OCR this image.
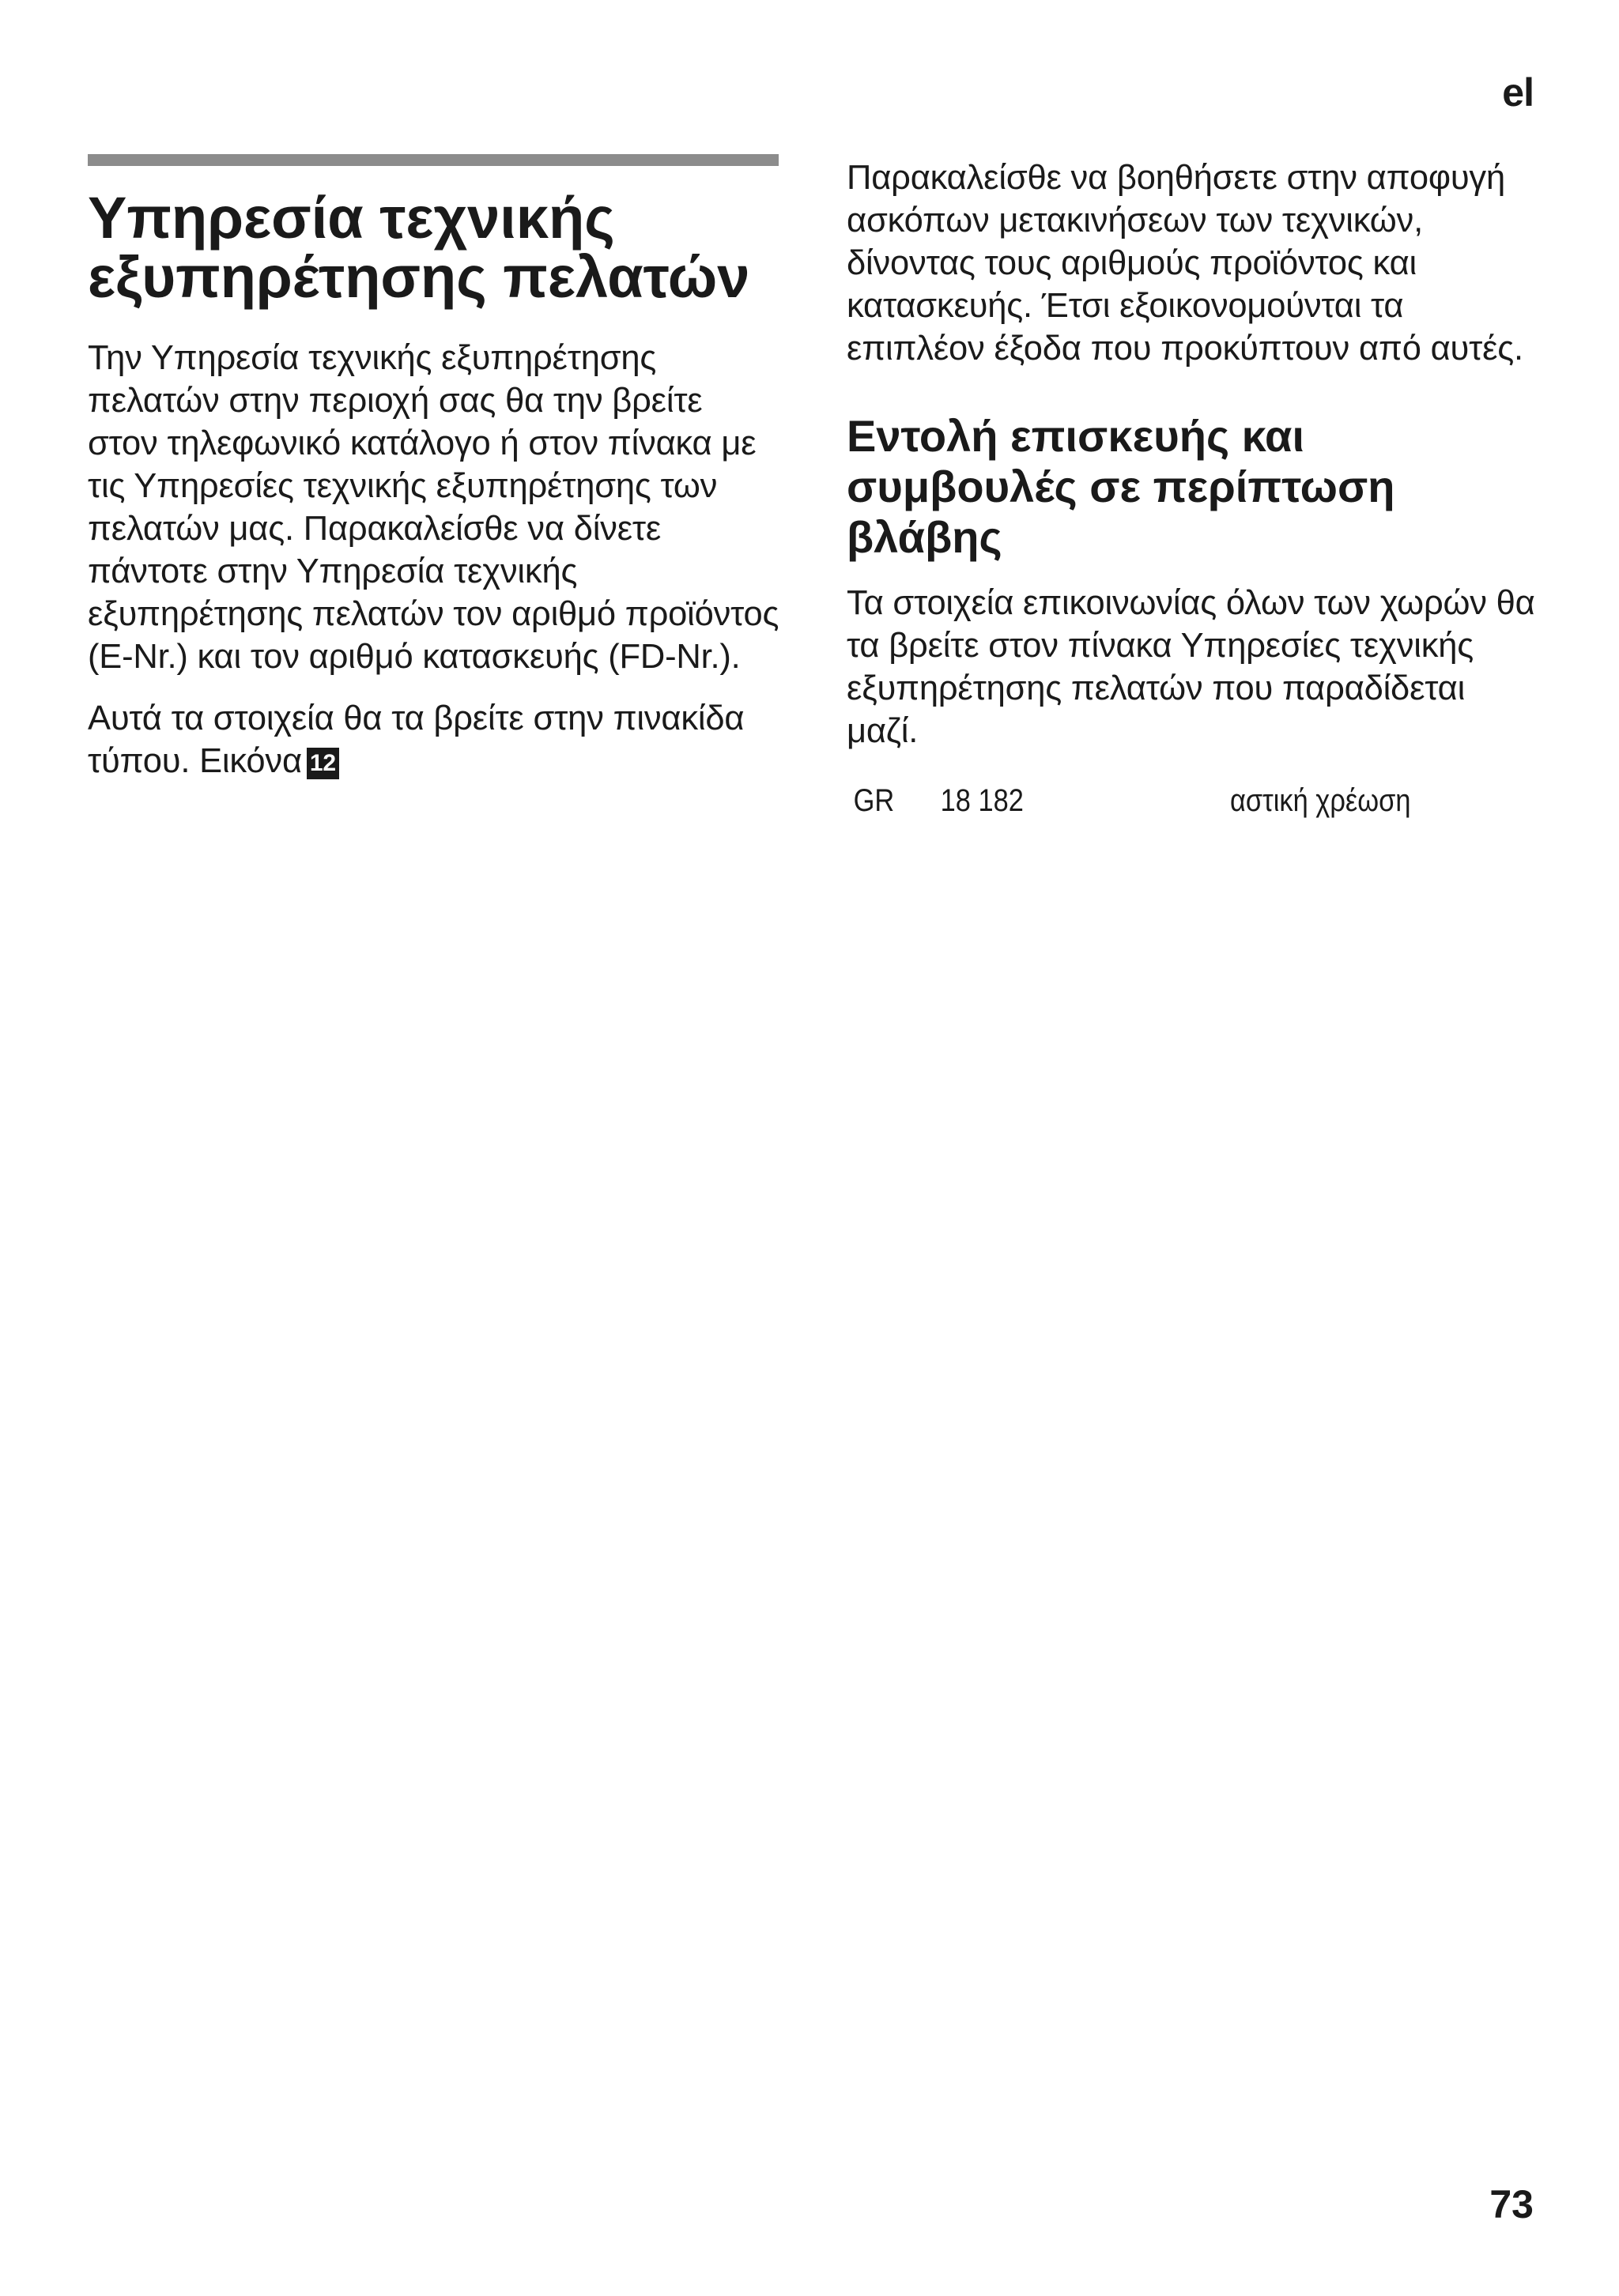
el
Υπηρεσία τεχνικής εξυπηρέτησης πελατών

Την Υπηρεσία τεχνικής εξυπηρέτησης πελατών στην περιοχή σας θα την βρείτε στον τηλεφωνικό κατάλογο ή στον πίνακα με τις Υπηρεσίες τεχνικής εξυπηρέτησης των πελατών μας. Παρακαλείσθε να δίνετε πάντοτε στην Υπηρεσία τεχνικής εξυπηρέτησης πελατών τον αριθμό προϊόντος (E-Nr.) και τον αριθμό κατασκευής (FD-Nr.).

Αυτά τα στοιχεία θα τα βρείτε στην πινακίδα τύπου. Εικόνα 12

Παρακαλείσθε να βοηθήσετε στην αποφυγή ασκόπων μετακινήσεων των τεχνικών, δίνοντας τους αριθμούς προϊόντος και κατασκευής. Έτσι εξοικονομούνται τα επιπλέον έξοδα που προκύπτουν από αυτές.

Εντολή επισκευής και συμβουλές σε περίπτωση βλάβης

Τα στοιχεία επικοινωνίας όλων των χωρών θα τα βρείτε στον πίνακα Υπηρεσίες τεχνικής εξυπηρέτησης πελατών που παραδίδεται μαζί.

GR	18 182	αστική χρέωση
73
